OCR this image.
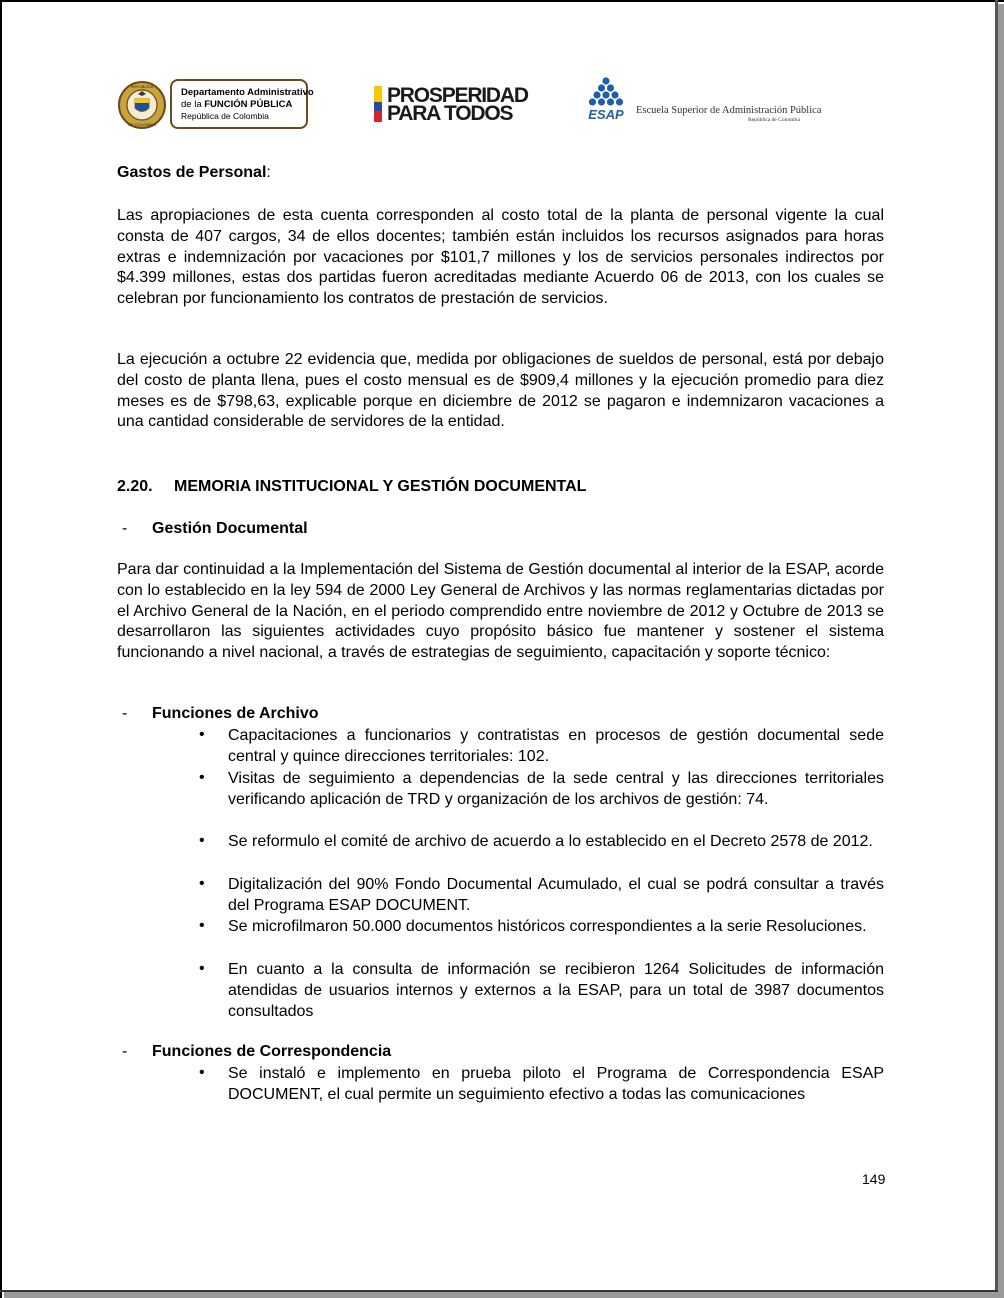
REPUBLICA
DE COLOMBIA
Departamento Administrativo
de la FUNCIÓN PÚBLICA
República de Colombia
PROSPERIDAD
PARA TODOS	ESAP Escuela Superior de Administración Pública
República de Colombia
Gastos de Personal:
Las apropiaciones de esta cuenta corresponden al costo total de la planta de personal vigente la cual consta de 407 cargos, 34 de ellos docentes; también están incluidos los recursos asignados para horas extras e indemnización por vacaciones por $101,7 millones y los de servicios personales indirectos por $4.399 millones, estas dos partidas fueron acreditadas mediante Acuerdo 06 de 2013, con los cuales se celebran por funcionamiento los contratos de prestación de servicios.
La ejecución a octubre 22 evidencia que, medida por obligaciones de sueldos de personal, está por debajo del costo de planta llena, pues el costo mensual es de $909,4 millones y la ejecución promedio para diez meses es de $798,63, explicable porque en diciembre de 2012 se pagaron e indemnizaron vacaciones a una cantidad considerable de servidores de la entidad.
2.20. MEMORIA INSTITUCIONAL Y GESTIÓN DOCUMENTAL
- Gestión Documental
Para dar continuidad a la Implementación del Sistema de Gestión documental al interior de la ESAP, acorde con lo establecido en la ley 594 de 2000 Ley General de Archivos y las normas reglamentarias dictadas por el Archivo General de la Nación, en el periodo comprendido entre noviembre de 2012 y Octubre de 2013 se desarrollaron las siguientes actividades cuyo propósito básico fue mantener y sostener el sistema funcionando a nivel nacional, a través de estrategias de seguimiento, capacitación y soporte técnico:
- Funciones de Archivo
• Capacitaciones a funcionarios y contratistas en procesos de gestión documental sede central y quince direcciones territoriales: 102.
• Visitas de seguimiento a dependencias de la sede central y las direcciones territoriales verificando aplicación de TRD y organización de los archivos de gestión: 74.
• Se reformulo el comité de archivo de acuerdo a lo establecido en el Decreto 2578 de 2012.
• Digitalización del 90% Fondo Documental Acumulado, el cual se podrá consultar a través del Programa ESAP DOCUMENT.
• Se microfilmaron 50.000 documentos históricos correspondientes a la serie Resoluciones.
• En cuanto a la consulta de información se recibieron 1264 Solicitudes de información atendidas de usuarios internos y externos a la ESAP, para un total de 3987 documentos consultados
- Funciones de Correspondencia
• Se instaló e implemento en prueba piloto el Programa de Correspondencia ESAP DOCUMENT, el cual permite un seguimiento efectivo a todas las comunicaciones
149
